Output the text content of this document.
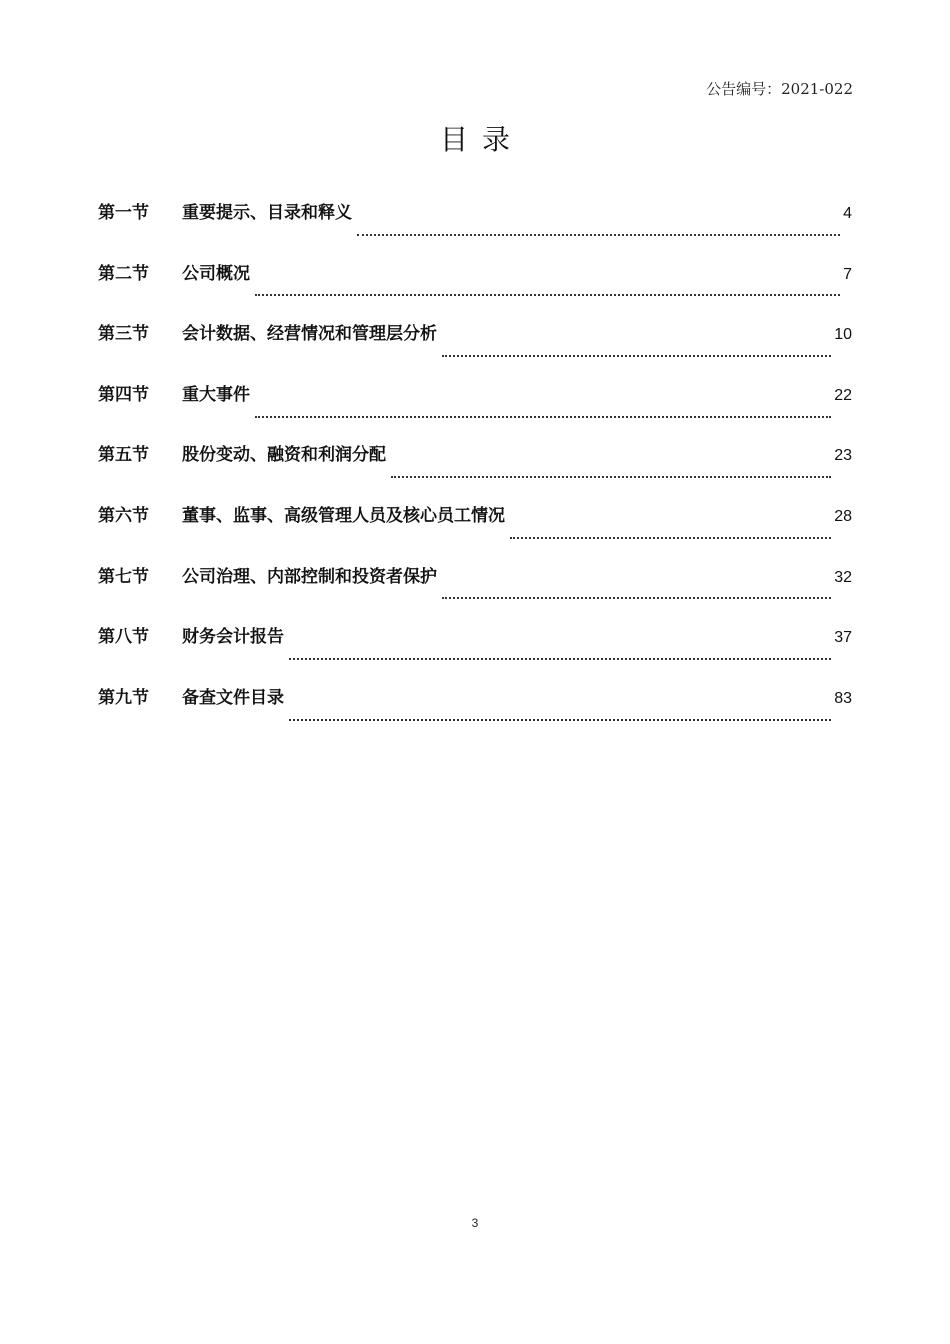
公告编号：2021-022
目录
第一节	重要提示、目录和释义	4
第二节	公司概况	7
第三节	会计数据、经营情况和管理层分析	10
第四节	重大事件	22
第五节	股份变动、融资和利润分配	23
第六节	董事、监事、高级管理人员及核心员工情况	28
第七节	公司治理、内部控制和投资者保护	32
第八节	财务会计报告	37
第九节	备查文件目录	83
3
